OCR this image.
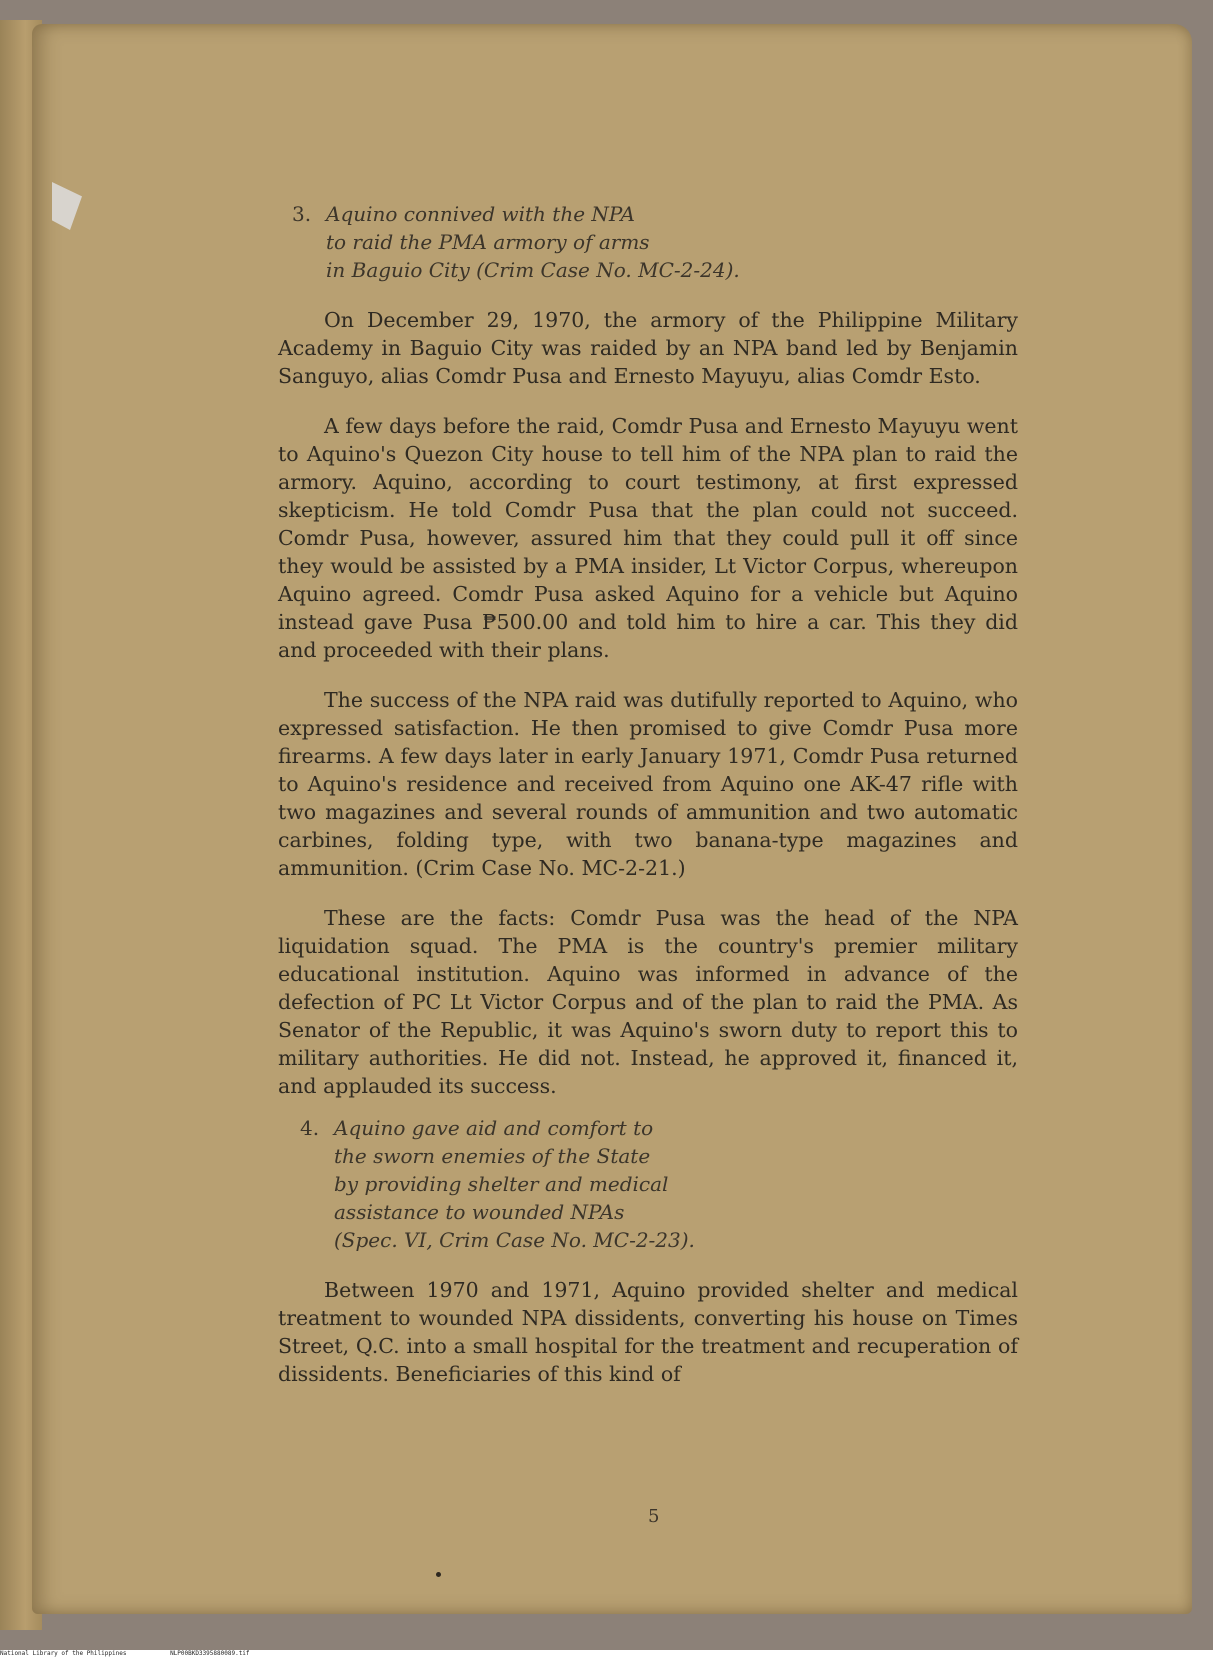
3. Aquino connived with the NPA
to raid the PMA armory of arms
in Baguio City (Crim Case No. MC-2-24).

On December 29, 1970, the armory of the Philippine Military Academy in Baguio City was raided by an NPA band led by Benjamin Sanguyo, alias Comdr Pusa and Ernesto Mayuyu, alias Comdr Esto.

A few days before the raid, Comdr Pusa and Ernesto Mayuyu went to Aquino's Quezon City house to tell him of the NPA plan to raid the armory. Aquino, according to court testimony, at first expressed skepticism. He told Comdr Pusa that the plan could not succeed. Comdr Pusa, however, assured him that they could pull it off since they would be assisted by a PMA insider, Lt Victor Corpus, whereupon Aquino agreed. Comdr Pusa asked Aquino for a vehicle but Aquino instead gave Pusa ₱500.00 and told him to hire a car. This they did and proceeded with their plans.

The success of the NPA raid was dutifully reported to Aquino, who expressed satisfaction. He then promised to give Comdr Pusa more firearms. A few days later in early January 1971, Comdr Pusa returned to Aquino's residence and received from Aquino one AK-47 rifle with two magazines and several rounds of ammunition and two automatic carbines, folding type, with two banana-type magazines and ammunition. (Crim Case No. MC-2-21.)

These are the facts: Comdr Pusa was the head of the NPA liquidation squad. The PMA is the country's premier military educational institution. Aquino was informed in advance of the defection of PC Lt Victor Corpus and of the plan to raid the PMA. As Senator of the Republic, it was Aquino's sworn duty to report this to military authorities. He did not. Instead, he approved it, financed it, and applauded its success.

4. Aquino gave aid and comfort to
the sworn enemies of the State
by providing shelter and medical
assistance to wounded NPAs
(Spec. VI, Crim Case No. MC-2-23).

Between 1970 and 1971, Aquino provided shelter and medical treatment to wounded NPA dissidents, converting his house on Times Street, Q.C. into a small hospital for the treatment and recuperation of dissidents. Beneficiaries of this kind of

5
National Library of the Philippines	NLP00BKD3395880089.tif
